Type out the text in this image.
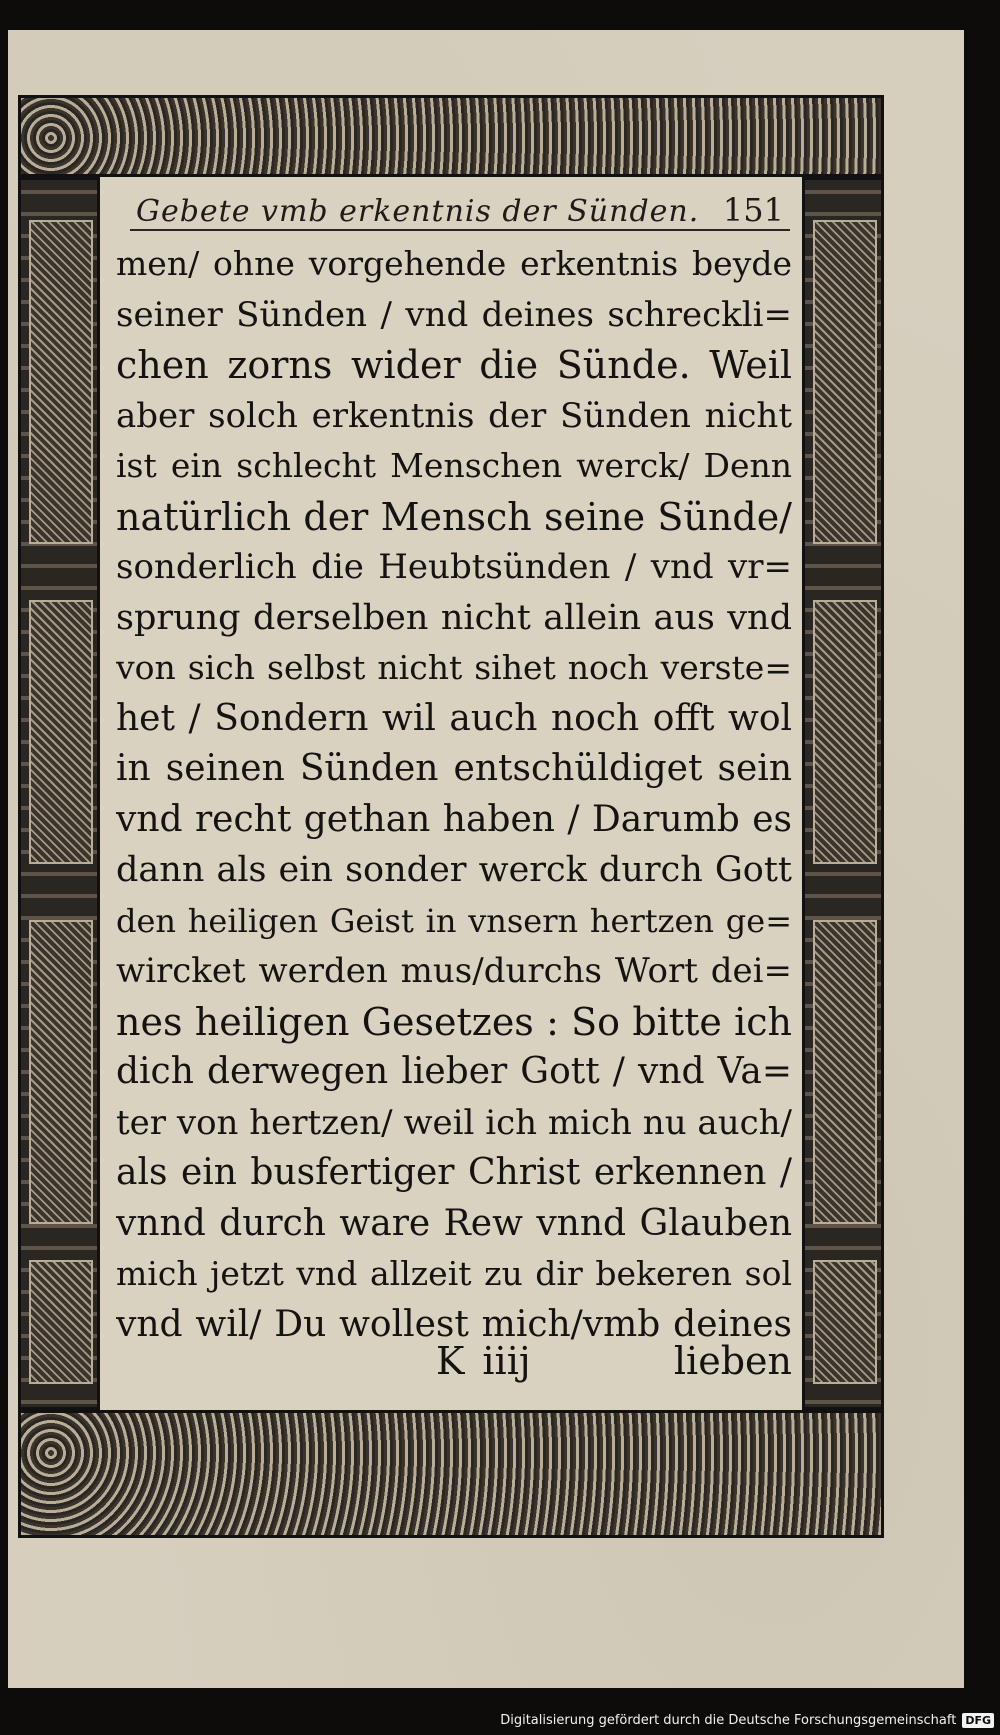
Gebete vmb erkentnis der Sünden. 151
men/ ohne vorgehende erkentnis beyde
seiner Sünden / vnd deines schreckli=
chen zorns wider die Sünde. Weil
aber solch erkentnis der Sünden nicht
ist ein schlecht Menschen werck/ Denn
natürlich der Mensch seine Sünde/
sonderlich die Heubtsünden / vnd vr=
sprung derselben nicht allein aus vnd
von sich selbst nicht sihet noch verste=
het / Sondern wil auch noch offt wol
in seinen Sünden entschüldiget sein
vnd recht gethan haben / Darumb es
dann als ein sonder werck durch Gott
den heiligen Geist in vnsern hertzen ge=
wircket werden mus/durchs Wort dei=
nes heiligen Gesetzes : So bitte ich
dich derwegen lieber Gott / vnd Va=
ter von hertzen/ weil ich mich nu auch/
als ein busfertiger Christ erkennen /
vnnd durch ware Rew vnnd Glauben
mich jetzt vnd allzeit zu dir bekeren sol
vnd wil/ Du wollest mich/vmb deines
K iiij	lieben
Digitalisierung gefördert durch die Deutsche Forschungsgemeinschaft DFG
